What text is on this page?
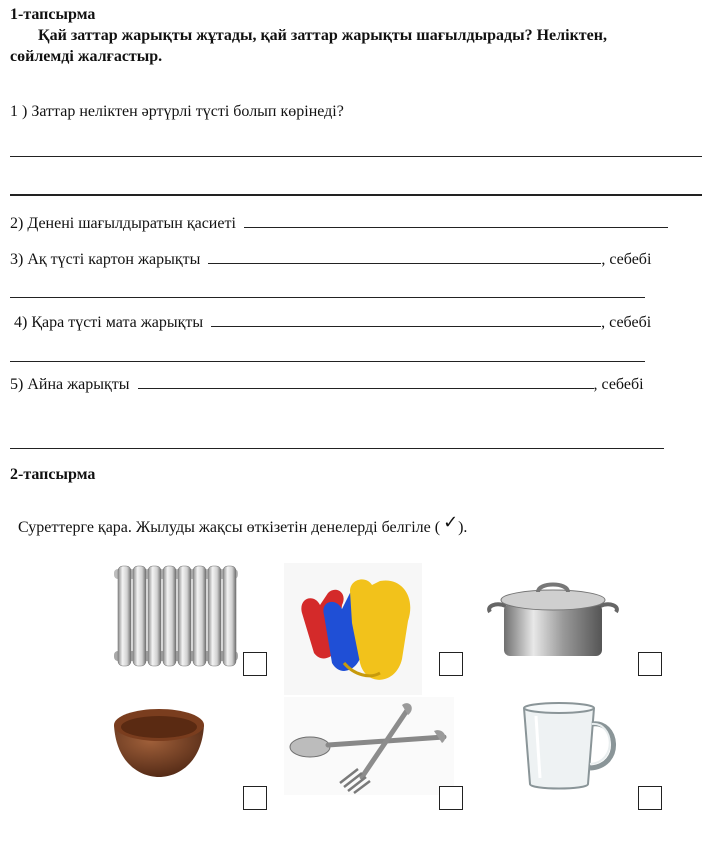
1-тапсырма
Қай заттар жарықты жұтады, қай заттар жарықты шағылдырады? Неліктен,
сөйлемді жалғастыр.
1 ) Заттар неліктен әртүрлі түсті болып көрінеді?
2) Денені шағылдыратын қасиеті
3) Ақ түсті картон жарықты	, себебі
4) Қара түсті мата жарықты	, себебі
5) Айна жарықты	, себебі
2-тапсырма
Суреттерге қара. Жылуды жақсы өткізетін денелерді белгіле ( ✓ ).
